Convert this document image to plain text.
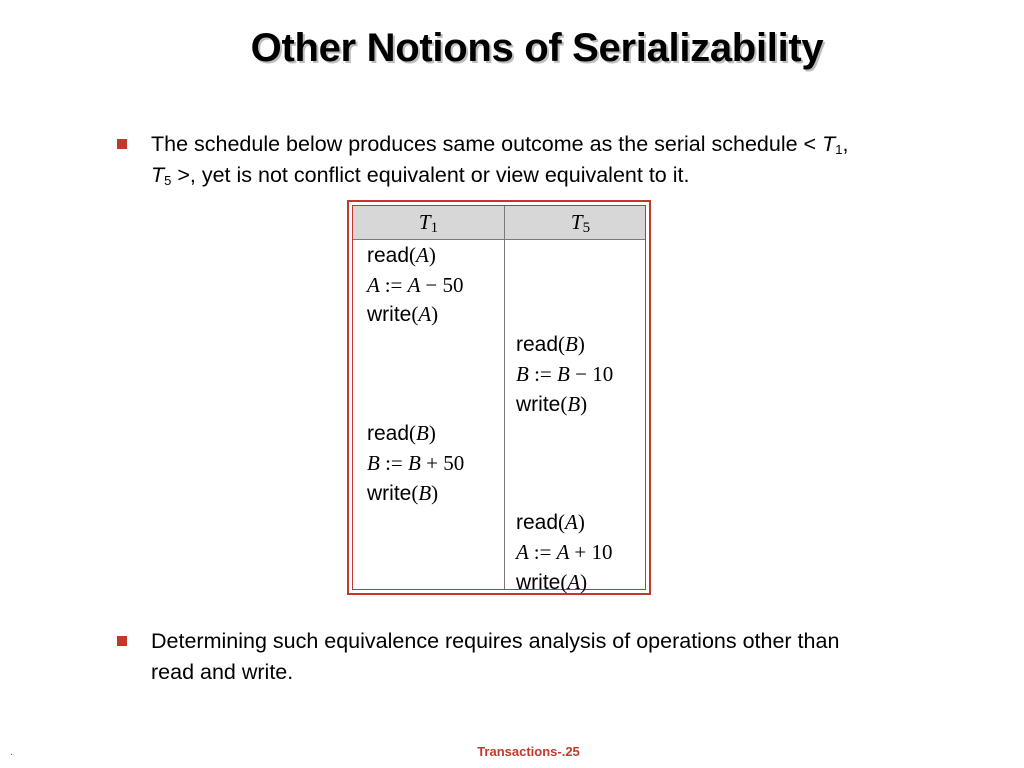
Other Notions of Serializability
The schedule below produces same outcome as the serial schedule < $T_1$, $T_5$ >, yet is not conflict equivalent or view equivalent to it.
$T_1$	$T_5$
read(A)
A := A − 50
write(A)
read(B)
B := B − 10
write(B)
read(B)
B := B + 50
write(B)
read(A)
A := A + 10
write(A)
Determining such equivalence requires analysis of operations other than read and write.
.	Transactions-.25
